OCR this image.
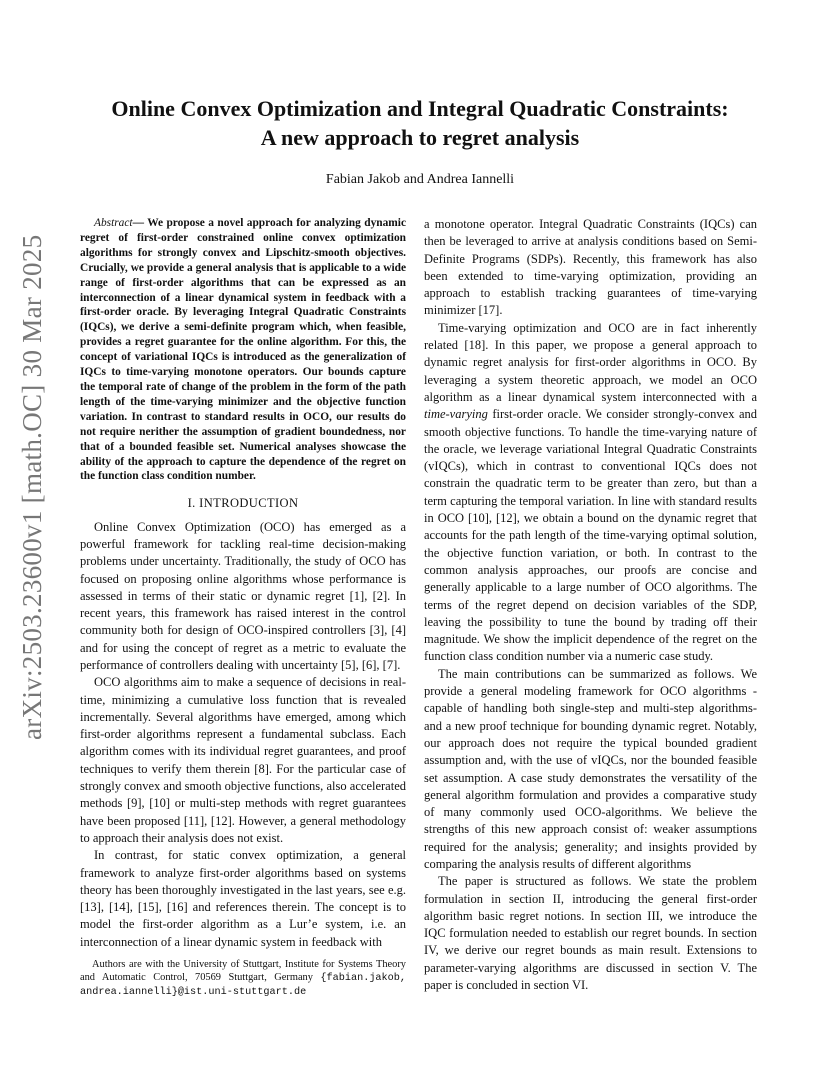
arXiv:2503.23600v1 [math.OC] 30 Mar 2025
Online Convex Optimization and Integral Quadratic Constraints:
A new approach to regret analysis
Fabian Jakob and Andrea Iannelli

Abstract— We propose a novel approach for analyzing dynamic regret of first-order constrained online convex optimization algorithms for strongly convex and Lipschitz-smooth objectives. Crucially, we provide a general analysis that is applicable to a wide range of first-order algorithms that can be expressed as an interconnection of a linear dynamical system in feedback with a first-order oracle. By leveraging Integral Quadratic Constraints (IQCs), we derive a semi-definite program which, when feasible, provides a regret guarantee for the online algorithm. For this, the concept of variational IQCs is introduced as the generalization of IQCs to time-varying monotone operators. Our bounds capture the temporal rate of change of the problem in the form of the path length of the time-varying minimizer and the objective function variation. In contrast to standard results in OCO, our results do not require nerither the assumption of gradient boundedness, nor that of a bounded feasible set. Numerical analyses showcase the ability of the approach to capture the dependence of the regret on the function class condition number.

I. INTRODUCTION

Online Convex Optimization (OCO) has emerged as a powerful framework for tackling real-time decision-making problems under uncertainty. Traditionally, the study of OCO has focused on proposing online algorithms whose performance is assessed in terms of their static or dynamic regret [1], [2]. In recent years, this framework has raised interest in the control community both for design of OCO-inspired controllers [3], [4] and for using the concept of regret as a metric to evaluate the performance of controllers dealing with uncertainty [5], [6], [7].

OCO algorithms aim to make a sequence of decisions in real-time, minimizing a cumulative loss function that is revealed incrementally. Several algorithms have emerged, among which first-order algorithms represent a fundamental subclass. Each algorithm comes with its individual regret guarantees, and proof techniques to verify them therein [8]. For the particular case of strongly convex and smooth objective functions, also accelerated methods [9], [10] or multi-step methods with regret guarantees have been proposed [11], [12]. However, a general methodology to approach their analysis does not exist.

In contrast, for static convex optimization, a general framework to analyze first-order algorithms based on systems theory has been thoroughly investigated in the last years, see e.g. [13], [14], [15], [16] and references therein. The concept is to model the first-order algorithm as a Lur’e system, i.e. an interconnection of a linear dynamic system in feedback with

Authors are with the University of Stuttgart, Institute for Systems Theory and Automatic Control, 70569 Stuttgart, Germany {fabian.jakob, andrea.iannelli}@ist.uni-stuttgart.de

a monotone operator. Integral Quadratic Constraints (IQCs) can then be leveraged to arrive at analysis conditions based on Semi-Definite Programs (SDPs). Recently, this framework has also been extended to time-varying optimization, providing an approach to establish tracking guarantees of time-varying minimizer [17].

Time-varying optimization and OCO are in fact inherently related [18]. In this paper, we propose a general approach to dynamic regret analysis for first-order algorithms in OCO. By leveraging a system theoretic approach, we model an OCO algorithm as a linear dynamical system interconnected with a time-varying first-order oracle. We consider strongly-convex and smooth objective functions. To handle the time-varying nature of the oracle, we leverage variational Integral Quadratic Constraints (vIQCs), which in contrast to conventional IQCs does not constrain the quadratic term to be greater than zero, but than a term capturing the temporal variation. In line with standard results in OCO [10], [12], we obtain a bound on the dynamic regret that accounts for the path length of the time-varying optimal solution, the objective function variation, or both. In contrast to the common analysis approaches, our proofs are concise and generally applicable to a large number of OCO algorithms. The terms of the regret depend on decision variables of the SDP, leaving the possibility to tune the bound by trading off their magnitude. We show the implicit dependence of the regret on the function class condition number via a numeric case study.

The main contributions can be summarized as follows. We provide a general modeling framework for OCO algorithms -capable of handling both single-step and multi-step algorithms- and a new proof technique for bounding dynamic regret. Notably, our approach does not require the typical bounded gradient assumption and, with the use of vIQCs, nor the bounded feasible set assumption. A case study demonstrates the versatility of the general algorithm formulation and provides a comparative study of many commonly used OCO-algorithms. We believe the strengths of this new approach consist of: weaker assumptions required for the analysis; generality; and insights provided by comparing the analysis results of different algorithms

The paper is structured as follows. We state the problem formulation in section II, introducing the general first-order algorithm basic regret notions. In section III, we introduce the IQC formulation needed to establish our regret bounds. In section IV, we derive our regret bounds as main result. Extensions to parameter-varying algorithms are discussed in section V. The paper is concluded in section VI.
